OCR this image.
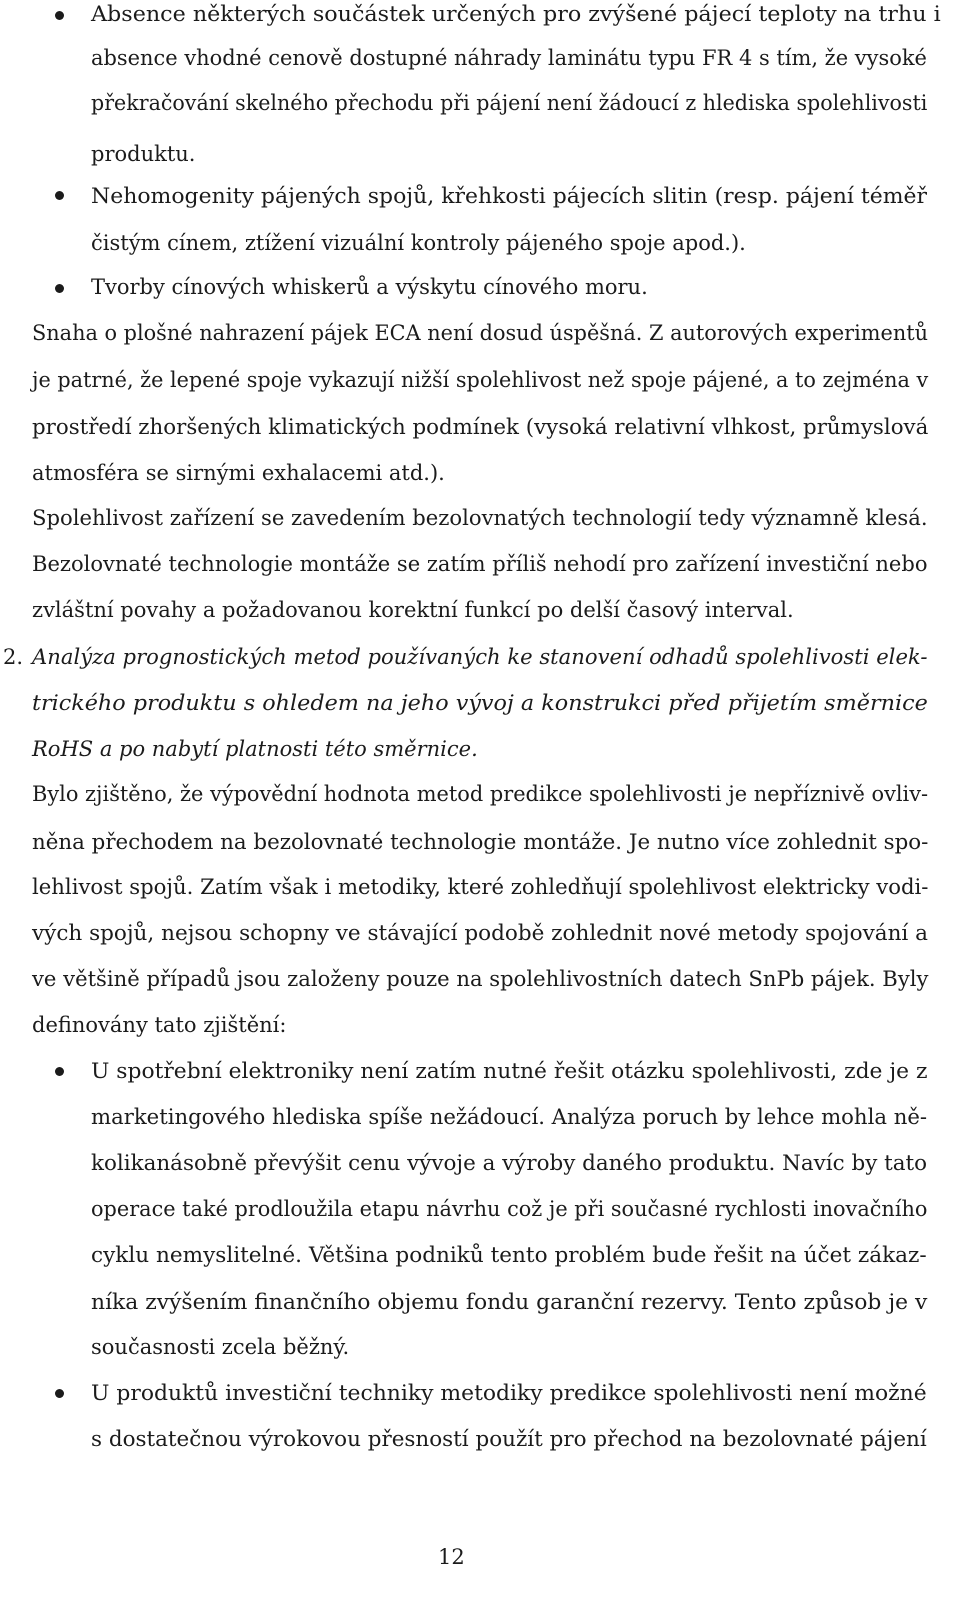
Absence některých součástek určených pro zvýšené pájecí teploty na trhu i
absence vhodné cenově dostupné náhrady laminátu typu FR 4 s tím, že vysoké
překračování skelného přechodu při pájení není žádoucí z hlediska spolehlivosti
produktu.
Nehomogenity pájených spojů, křehkosti pájecích slitin (resp. pájení téměř
čistým cínem, ztížení vizuální kontroly pájeného spoje apod.).
Tvorby cínových whiskerů a výskytu cínového moru.
Snaha o plošné nahrazení pájek ECA není dosud úspěšná. Z autorových experimentů
je patrné, že lepené spoje vykazují nižší spolehlivost než spoje pájené, a to zejména v
prostředí zhoršených klimatických podmínek (vysoká relativní vlhkost, průmyslová
atmosféra se sirnými exhalacemi atd.).
Spolehlivost zařízení se zavedením bezolovnatých technologií tedy významně klesá.
Bezolovnaté technologie montáže se zatím příliš nehodí pro zařízení investiční nebo
zvláštní povahy a požadovanou korektní funkcí po delší časový interval.
2. Analýza prognostických metod používaných ke stanovení odhadů spolehlivosti elek-
trického produktu s ohledem na jeho vývoj a konstrukci před přijetím směrnice
RoHS a po nabytí platnosti této směrnice.
Bylo zjištěno, že výpovědní hodnota metod predikce spolehlivosti je nepříznivě ovliv-
něna přechodem na bezolovnaté technologie montáže. Je nutno více zohlednit spo-
lehlivost spojů. Zatím však i metodiky, které zohledňují spolehlivost elektricky vodi-
vých spojů, nejsou schopny ve stávající podobě zohlednit nové metody spojování a
ve většině případů jsou založeny pouze na spolehlivostních datech SnPb pájek. Byly
definovány tato zjištění:
U spotřební elektroniky není zatím nutné řešit otázku spolehlivosti, zde je z
marketingového hlediska spíše nežádoucí. Analýza poruch by lehce mohla ně-
kolikanásobně převýšit cenu vývoje a výroby daného produktu. Navíc by tato
operace také prodloužila etapu návrhu což je při současné rychlosti inovačního
cyklu nemyslitelné. Většina podniků tento problém bude řešit na účet zákaz-
níka zvýšením finančního objemu fondu garanční rezervy. Tento způsob je v
současnosti zcela běžný.
U produktů investiční techniky metodiky predikce spolehlivosti není možné
s dostatečnou výrokovou přesností použít pro přechod na bezolovnaté pájení
12
